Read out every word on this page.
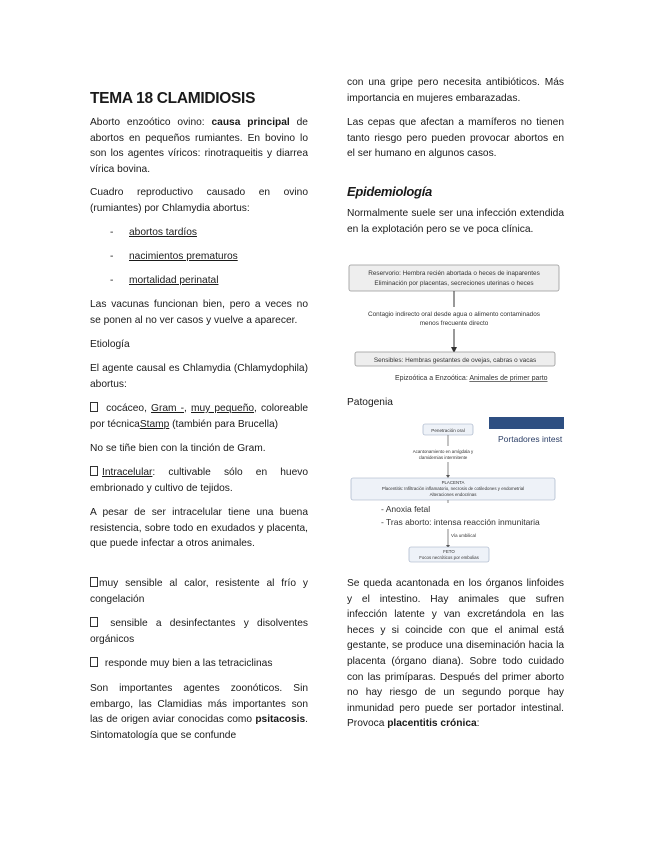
TEMA 18 CLAMIDIOSIS

Aborto enzoótico ovino: causa principal de abortos en pequeños rumiantes. En bovino lo son los agentes víricos: rinotraqueitis y diarrea vírica bovina.

Cuadro reproductivo causado en ovino (rumiantes) por Chlamydia abortus:

- abortos tardíos
- nacimientos prematuros
- mortalidad perinatal

Las vacunas funcionan bien, pero a veces no se ponen al no ver casos y vuelve a aparecer.

Etiología

El agente causal es Chlamydia (Chlamydophila) abortus:

cocáceo, Gram -, muy pequeño, coloreable por técnicaStamp (también para Brucella)

No se tiñe bien con la tinción de Gram.

Intracelular: cultivable sólo en huevo embrionado y cultivo de tejidos.

A pesar de ser intracelular tiene una buena resistencia, sobre todo en exudados y placenta, que puede infectar a otros animales.

muy sensible al calor, resistente al frío y congelación

sensible a desinfectantes y disolventes orgánicos

responde muy bien a las tetraciclinas

Son importantes agentes zoonóticos. Sin embargo, las Clamidias más importantes son las de origen aviar conocidas como psitacosis. Sintomatología que se confunde

con una gripe pero necesita antibióticos. Más importancia en mujeres embarazadas.

Las cepas que afectan a mamíferos no tienen tanto riesgo pero pueden provocar abortos en el ser humano en algunos casos.

Epidemiología

Normalmente suele ser una infección extendida en la explotación pero se ve poca clínica.

Reservorio: Hembra recién abortada o heces de inaparentes
Eliminación por placentas, secreciones uterinas o heces
Contagio indirecto oral desde agua o alimento contaminados
menos frecuente directo
Sensibles: Hembras gestantes de ovejas, cabras o vacas
Epizoótica a Enzoótica: Animales de primer parto

Patogenia

Portadores intest
Penetración oral
Acantonamiento en amígdala y
clamidemias intermitente
PLACENTA
Placentitis: Infiltración inflamatorio, necrosis de cotiledones y endometrial
Alteraciones endocrinas
- Anoxia fetal
- Tras aborto: intensa reacción inmunitaria
Vía umbilical
FETO
Focos necróticos por embolias

Se queda acantonada en los órganos linfoides y el intestino. Hay animales que sufren infección latente y van excretándola en las heces y si coincide con que el animal está gestante, se produce una diseminación hacia la placenta (órgano diana). Sobre todo cuidado con las primíparas. Después del primer aborto no hay riesgo de un segundo porque hay inmunidad pero puede ser portador intestinal. Provoca placentitis crónica:
